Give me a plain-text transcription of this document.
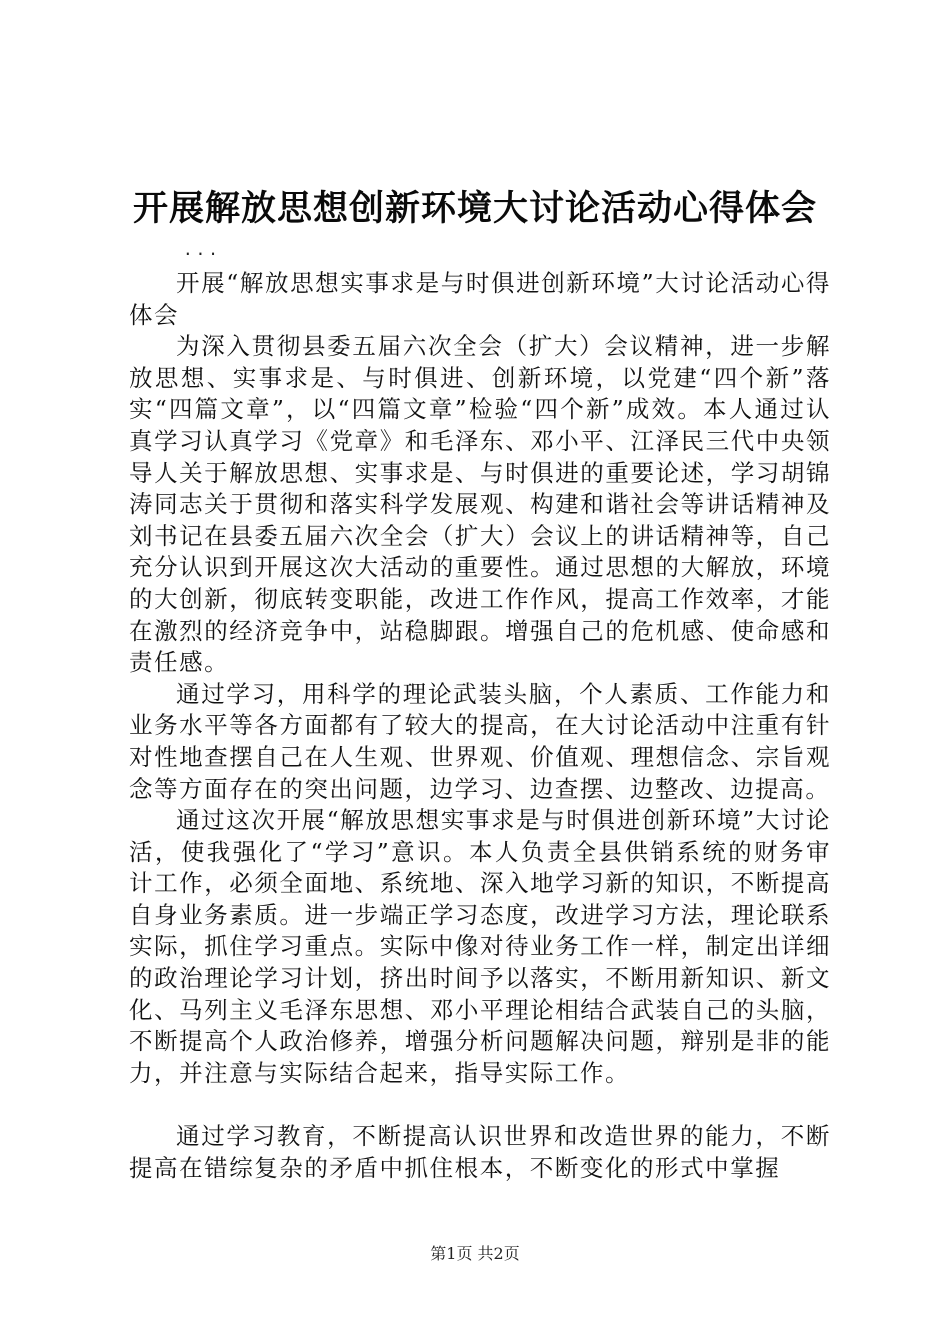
开展解放思想创新环境大讨论活动心得体会
...

开展“解放思想实事求是与时俱进创新环境”大讨论活动心得体会

为深入贯彻县委五届六次全会（扩大）会议精神，进一步解放思想、实事求是、与时俱进、创新环境，以党建“四个新”落实“四篇文章”，以“四篇文章”检验“四个新”成效。本人通过认真学习认真学习《党章》和毛泽东、邓小平、江泽民三代中央领导人关于解放思想、实事求是、与时俱进的重要论述，学习胡锦涛同志关于贯彻和落实科学发展观、构建和谐社会等讲话精神及刘书记在县委五届六次全会（扩大）会议上的讲话精神等，自己充分认识到开展这次大活动的重要性。通过思想的大解放，环境的大创新，彻底转变职能，改进工作作风，提高工作效率，才能在激烈的经济竞争中，站稳脚跟。增强自己的危机感、使命感和责任感。

通过学习，用科学的理论武装头脑，个人素质、工作能力和业务水平等各方面都有了较大的提高，在大讨论活动中注重有针对性地查摆自己在人生观、世界观、价值观、理想信念、宗旨观念等方面存在的突出问题，边学习、边查摆、边整改、边提高。

通过这次开展“解放思想实事求是与时俱进创新环境”大讨论活，使我强化了“学习”意识。本人负责全县供销系统的财务审计工作，必须全面地、系统地、深入地学习新的知识，不断提高自身业务素质。进一步端正学习态度，改进学习方法，理论联系实际，抓住学习重点。实际中像对待业务工作一样，制定出详细的政治理论学习计划，挤出时间予以落实，不断用新知识、新文化、马列主义毛泽东思想、邓小平理论相结合武装自己的头脑，不断提高个人政治修养，增强分析问题解决问题，辩别是非的能力，并注意与实际结合起来，指导实际工作。

通过学习教育，不断提高认识世界和改造世界的能力，不断提高在错综复杂的矛盾中抓住根本，不断变化的形式中掌握

第1页 共2页
